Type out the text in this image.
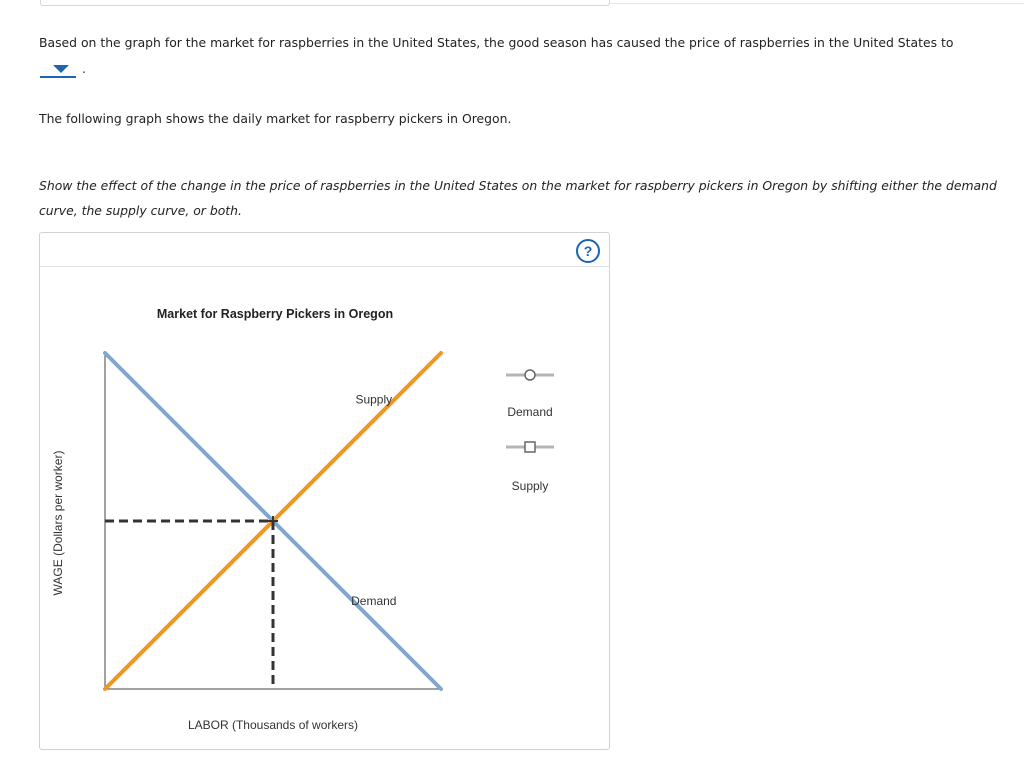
Based on the graph for the market for raspberries in the United States, the good season has caused the price of raspberries in the United States to
.
The following graph shows the daily market for raspberry pickers in Oregon.
Show the effect of the change in the price of raspberries in the United States on the market for raspberry pickers in Oregon by shifting either the demand curve, the supply curve, or both.
?
Market for Raspberry Pickers in Oregon
WAGE (Dollars per worker)
LABOR (Thousands of workers)
Supply
Demand
Demand
Supply
